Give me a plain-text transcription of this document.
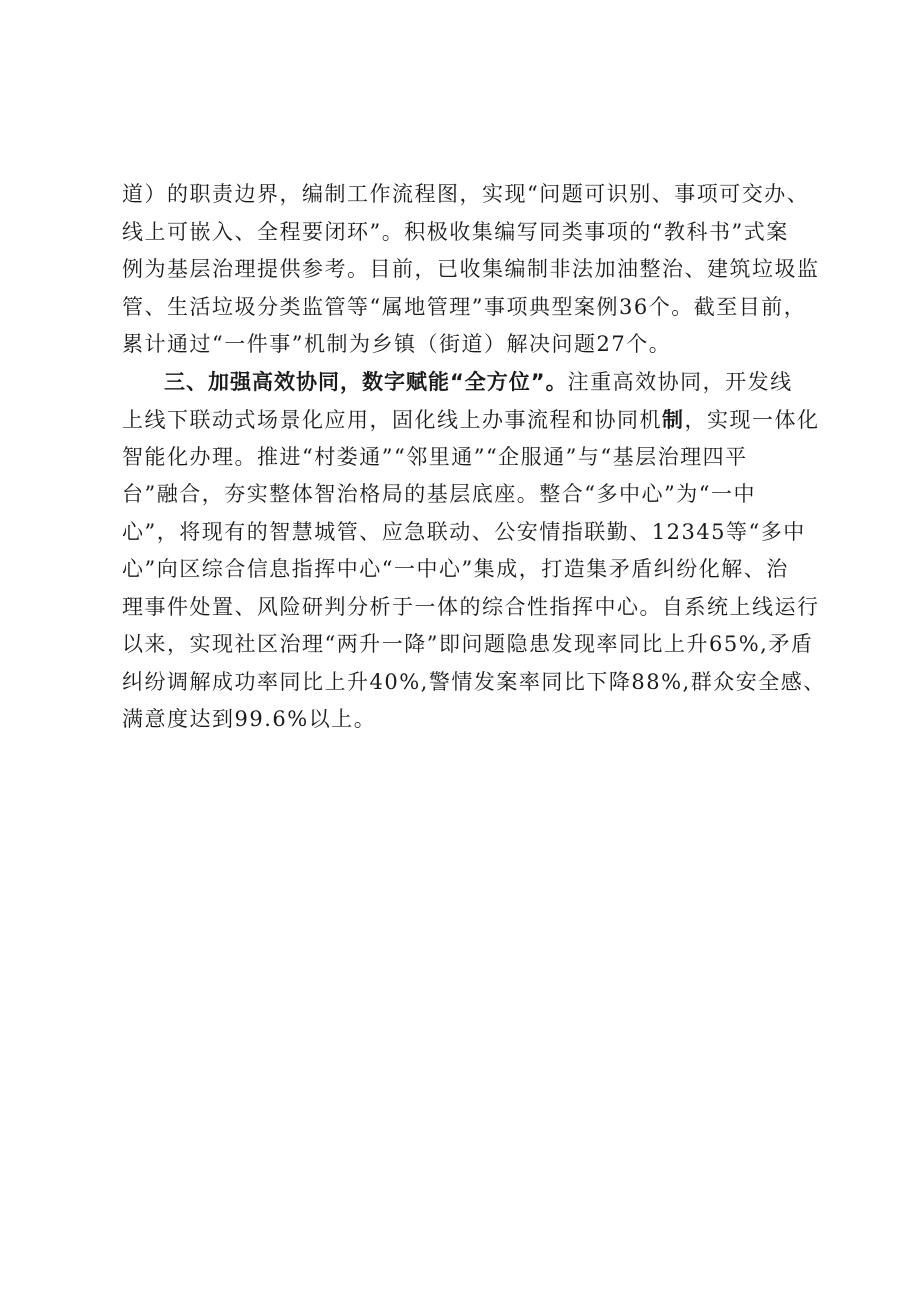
道）的职责边界，编制工作流程图，实现“问题可识别、事项可交办、
线上可嵌入、全程要闭环”。积极收集编写同类事项的“教科书”式案
例为基层治理提供参考。目前，已收集编制非法加油整治、建筑垃圾监
管、生活垃圾分类监管等“属地管理”事项典型案例36个。截至目前，
累计通过“一件事”机制为乡镇（街道）解决问题27个。
三、加强高效协同，数字赋能“全方位”。注重高效协同，开发线
上线下联动式场景化应用，固化线上办事流程和协同机制，实现一体化
智能化办理。推进“村娄通”“邻里通”“企服通”与“基层治理四平
台”融合，夯实整体智治格局的基层底座。整合“多中心”为“一中
心”，将现有的智慧城管、应急联动、公安情指联勤、12345等“多中
心”向区综合信息指挥中心“一中心”集成，打造集矛盾纠纷化解、治
理事件处置、风险研判分析于一体的综合性指挥中心。自系统上线运行
以来，实现社区治理“两升一降”即问题隐患发现率同比上升65%,矛盾
纠纷调解成功率同比上升40%,警情发案率同比下降88%,群众安全感、
满意度达到99.6%以上。
